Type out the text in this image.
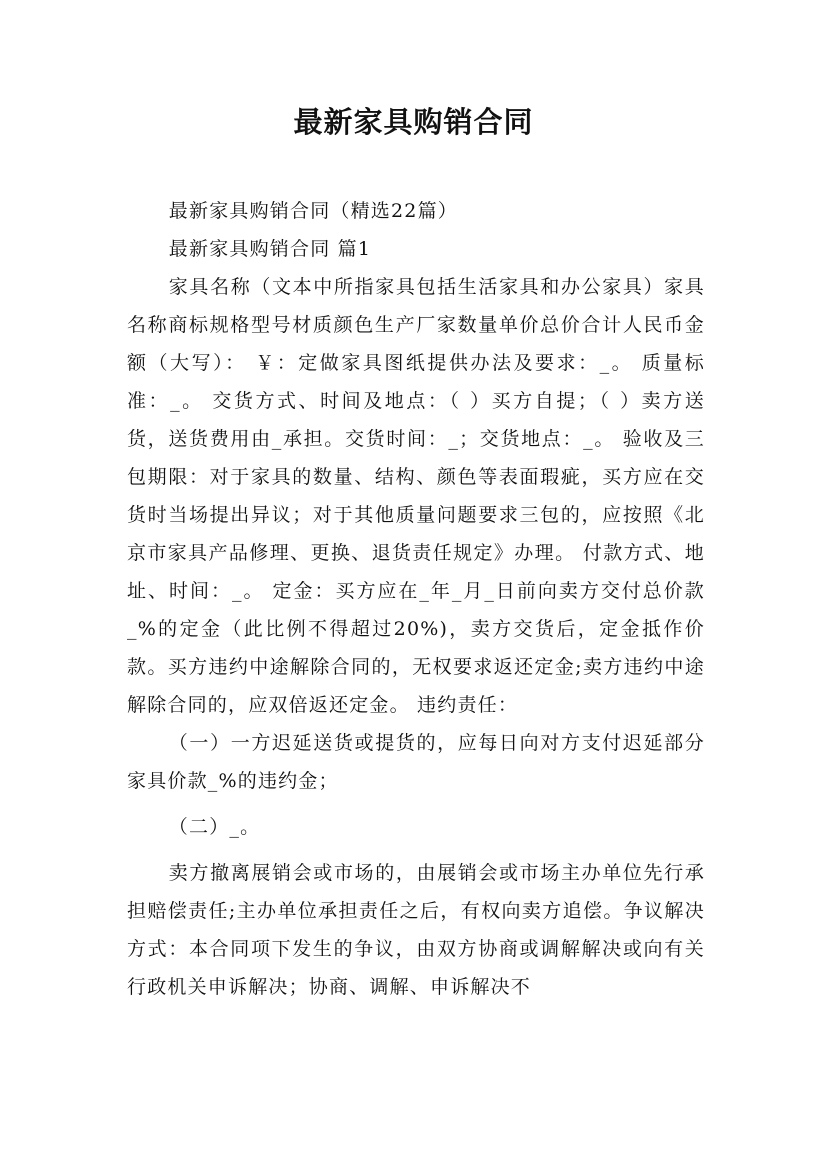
最新家具购销合同

最新家具购销合同（精选22篇）

最新家具购销合同 篇1

家具名称（文本中所指家具包括生活家具和办公家具）家具名称商标规格型号材质颜色生产厂家数量单价总价合计人民币金额（大写）： ￥：定做家具图纸提供办法及要求：_。 质量标准：_。 交货方式、时间及地点：（ ）买方自提；（ ）卖方送货，送货费用由_承担。交货时间：_；交货地点：_。 验收及三包期限：对于家具的数量、结构、颜色等表面瑕疵，买方应在交货时当场提出异议；对于其他质量问题要求三包的，应按照《北京市家具产品修理、更换、退货责任规定》办理。 付款方式、地址、时间：_。 定金：买方应在_年_月_日前向卖方交付总价款_%的定金（此比例不得超过20%)，卖方交货后，定金抵作价款。买方违约中途解除合同的，无权要求返还定金;卖方违约中途解除合同的，应双倍返还定金。 违约责任：

（一）一方迟延送货或提货的，应每日向对方支付迟延部分家具价款_%的违约金；

（二）_。

卖方撤离展销会或市场的，由展销会或市场主办单位先行承担赔偿责任;主办单位承担责任之后，有权向卖方追偿。争议解决方式：本合同项下发生的争议，由双方协商或调解解决或向有关行政机关申诉解决；协商、调解、申诉解决不
